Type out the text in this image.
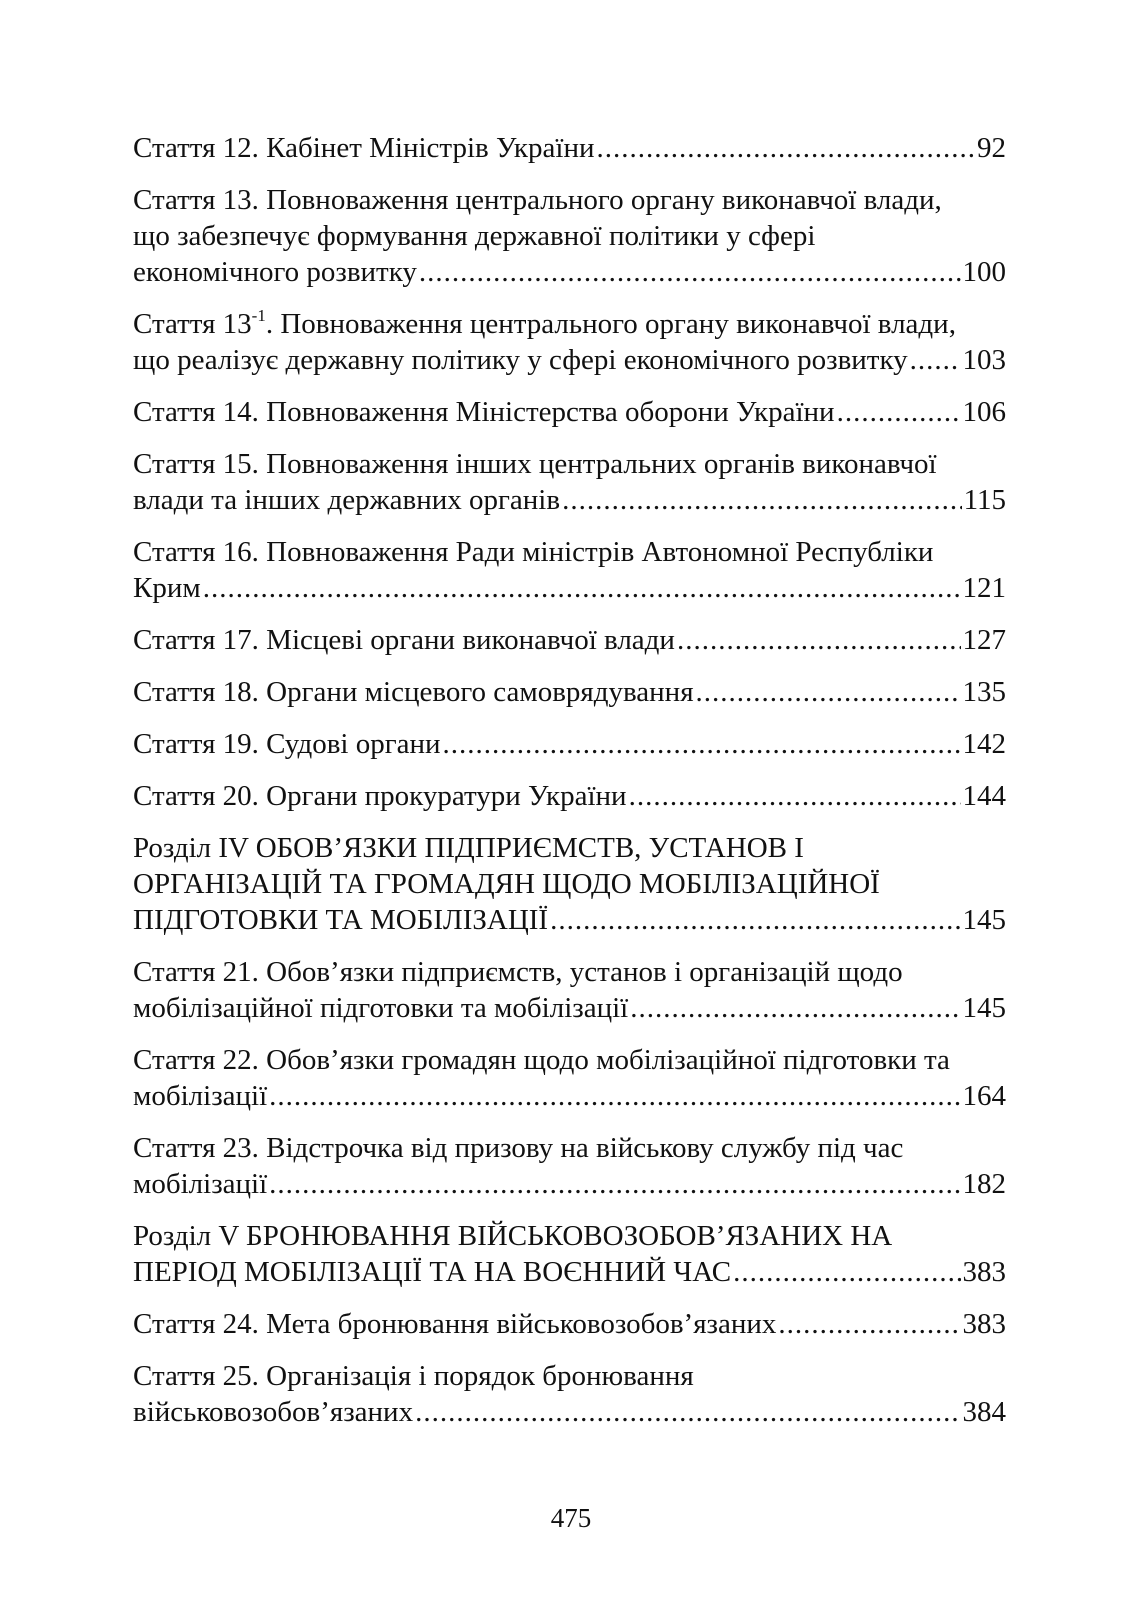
Стаття 12. Кабінет Міністрів України .....	92
Стаття 13. Повноваження центрального органу виконавчої влади,
що забезпечує формування державної політики у сфері
економічного розвитку .....	100
Стаття $13^{-1}$. Повноваження центрального органу виконавчої влади,
що реалізує державну політику у сфері економічного розвитку ..... 103
Стаття 14. Повноваження Міністерства оборони України .....	106
Стаття 15. Повноваження інших центральних органів виконавчої
влади та інших державних органів .....	115
Стаття 16. Повноваження Ради міністрів Автономної Республіки
Крим .....	121
Стаття 17. Місцеві органи виконавчої влади .....	127
Стаття 18. Органи місцевого самоврядування .....	135
Стаття 19. Судові органи .....	142
Стаття 20. Органи прокуратури України .....	144
Розділ IV ОБОВ’ЯЗКИ ПІДПРИЄМСТВ, УСТАНОВ І
ОРГАНІЗАЦІЙ ТА ГРОМАДЯН ЩОДО МОБІЛІЗАЦІЙНОЇ
ПІДГОТОВКИ ТА МОБІЛІЗАЦІЇ .....	145
Стаття 21. Обов’язки підприємств, установ і організацій щодо
мобілізаційної підготовки та мобілізації .....	145
Стаття 22. Обов’язки громадян щодо мобілізаційної підготовки та
мобілізації .....	164
Стаття 23. Відстрочка від призову на військову службу під час
мобілізації .....	182
Розділ V БРОНЮВАННЯ ВІЙСЬКОВОЗОБОВ’ЯЗАНИХ НА
ПЕРІОД МОБІЛІЗАЦІЇ ТА НА ВОЄННИЙ ЧАС .....	383
Стаття 24. Мета бронювання військовозобов’язаних .....	383
Стаття 25. Організація і порядок бронювання
військовозобов’язаних .....	384
475
